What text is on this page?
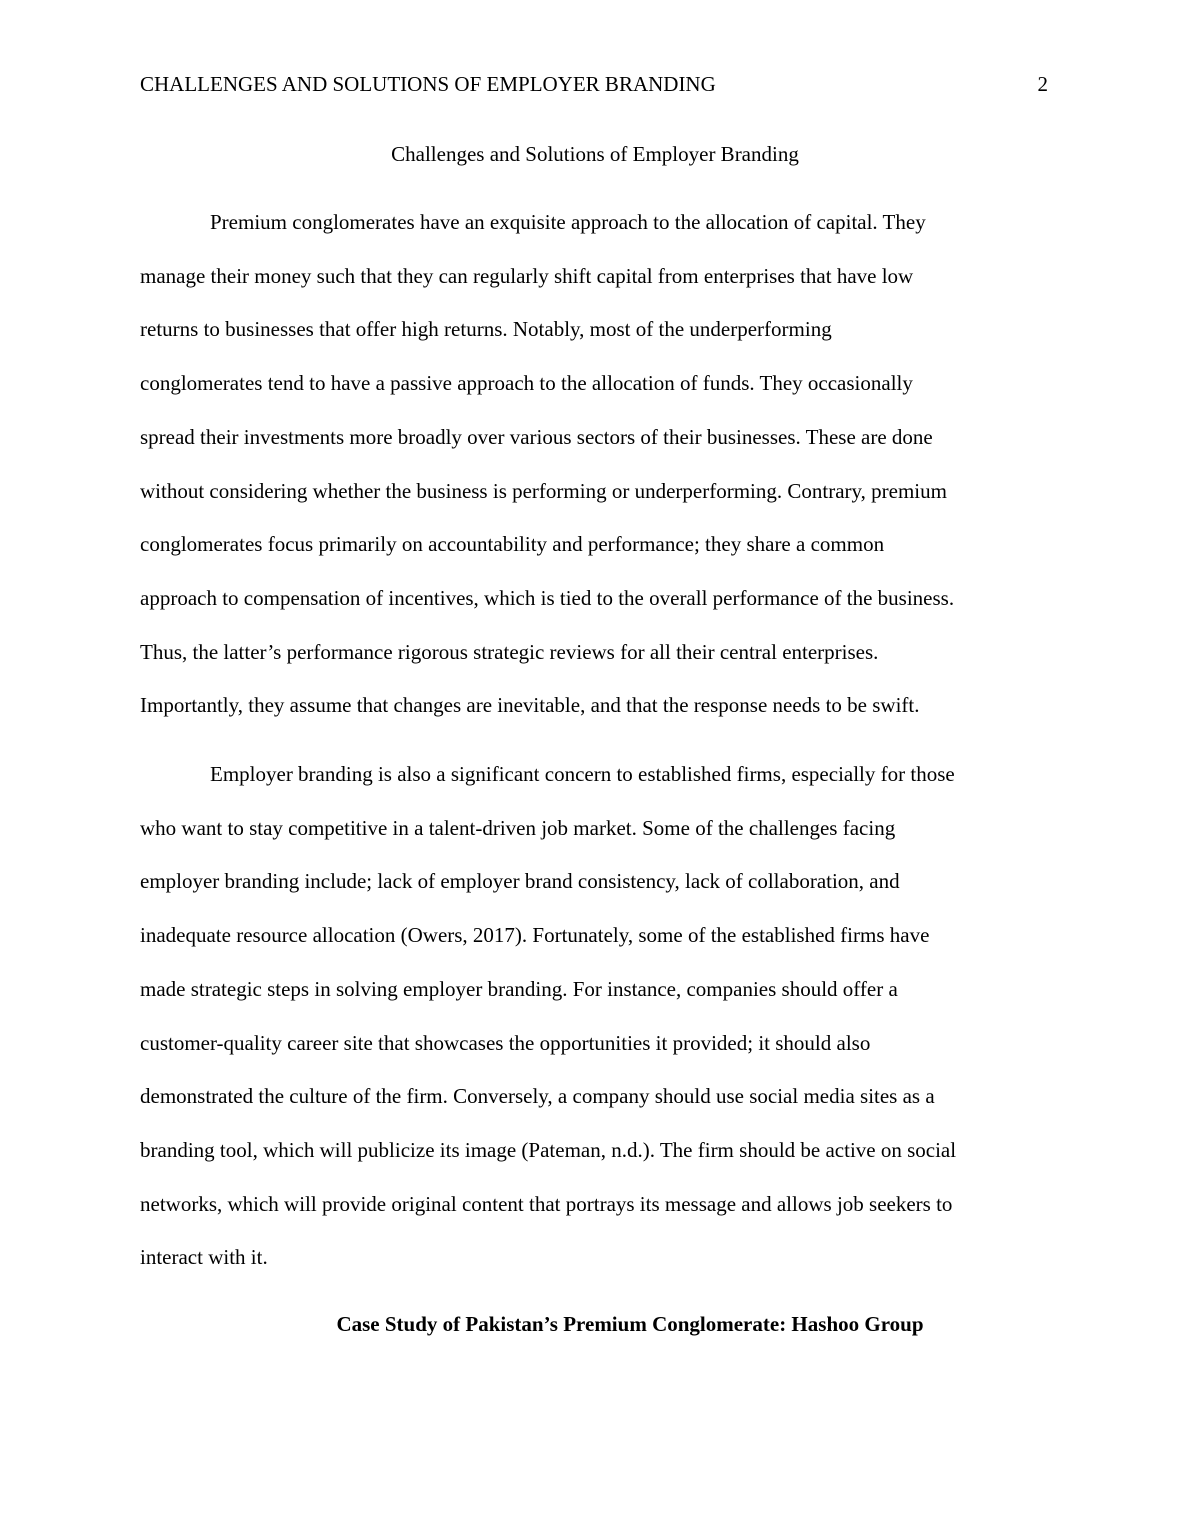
CHALLENGES AND SOLUTIONS OF EMPLOYER BRANDING	2
Challenges and Solutions of Employer Branding

Premium conglomerates have an exquisite approach to the allocation of capital. They
manage their money such that they can regularly shift capital from enterprises that have low
returns to businesses that offer high returns. Notably, most of the underperforming
conglomerates tend to have a passive approach to the allocation of funds. They occasionally
spread their investments more broadly over various sectors of their businesses. These are done
without considering whether the business is performing or underperforming. Contrary, premium
conglomerates focus primarily on accountability and performance; they share a common
approach to compensation of incentives, which is tied to the overall performance of the business.
Thus, the latter’s performance rigorous strategic reviews for all their central enterprises.
Importantly, they assume that changes are inevitable, and that the response needs to be swift.

Employer branding is also a significant concern to established firms, especially for those
who want to stay competitive in a talent-driven job market. Some of the challenges facing
employer branding include; lack of employer brand consistency, lack of collaboration, and
inadequate resource allocation (Owers, 2017). Fortunately, some of the established firms have
made strategic steps in solving employer branding. For instance, companies should offer a
customer-quality career site that showcases the opportunities it provided; it should also
demonstrated the culture of the firm. Conversely, a company should use social media sites as a
branding tool, which will publicize its image (Pateman, n.d.). The firm should be active on social
networks, which will provide original content that portrays its message and allows job seekers to
interact with it.

Case Study of Pakistan’s Premium Conglomerate: Hashoo Group
